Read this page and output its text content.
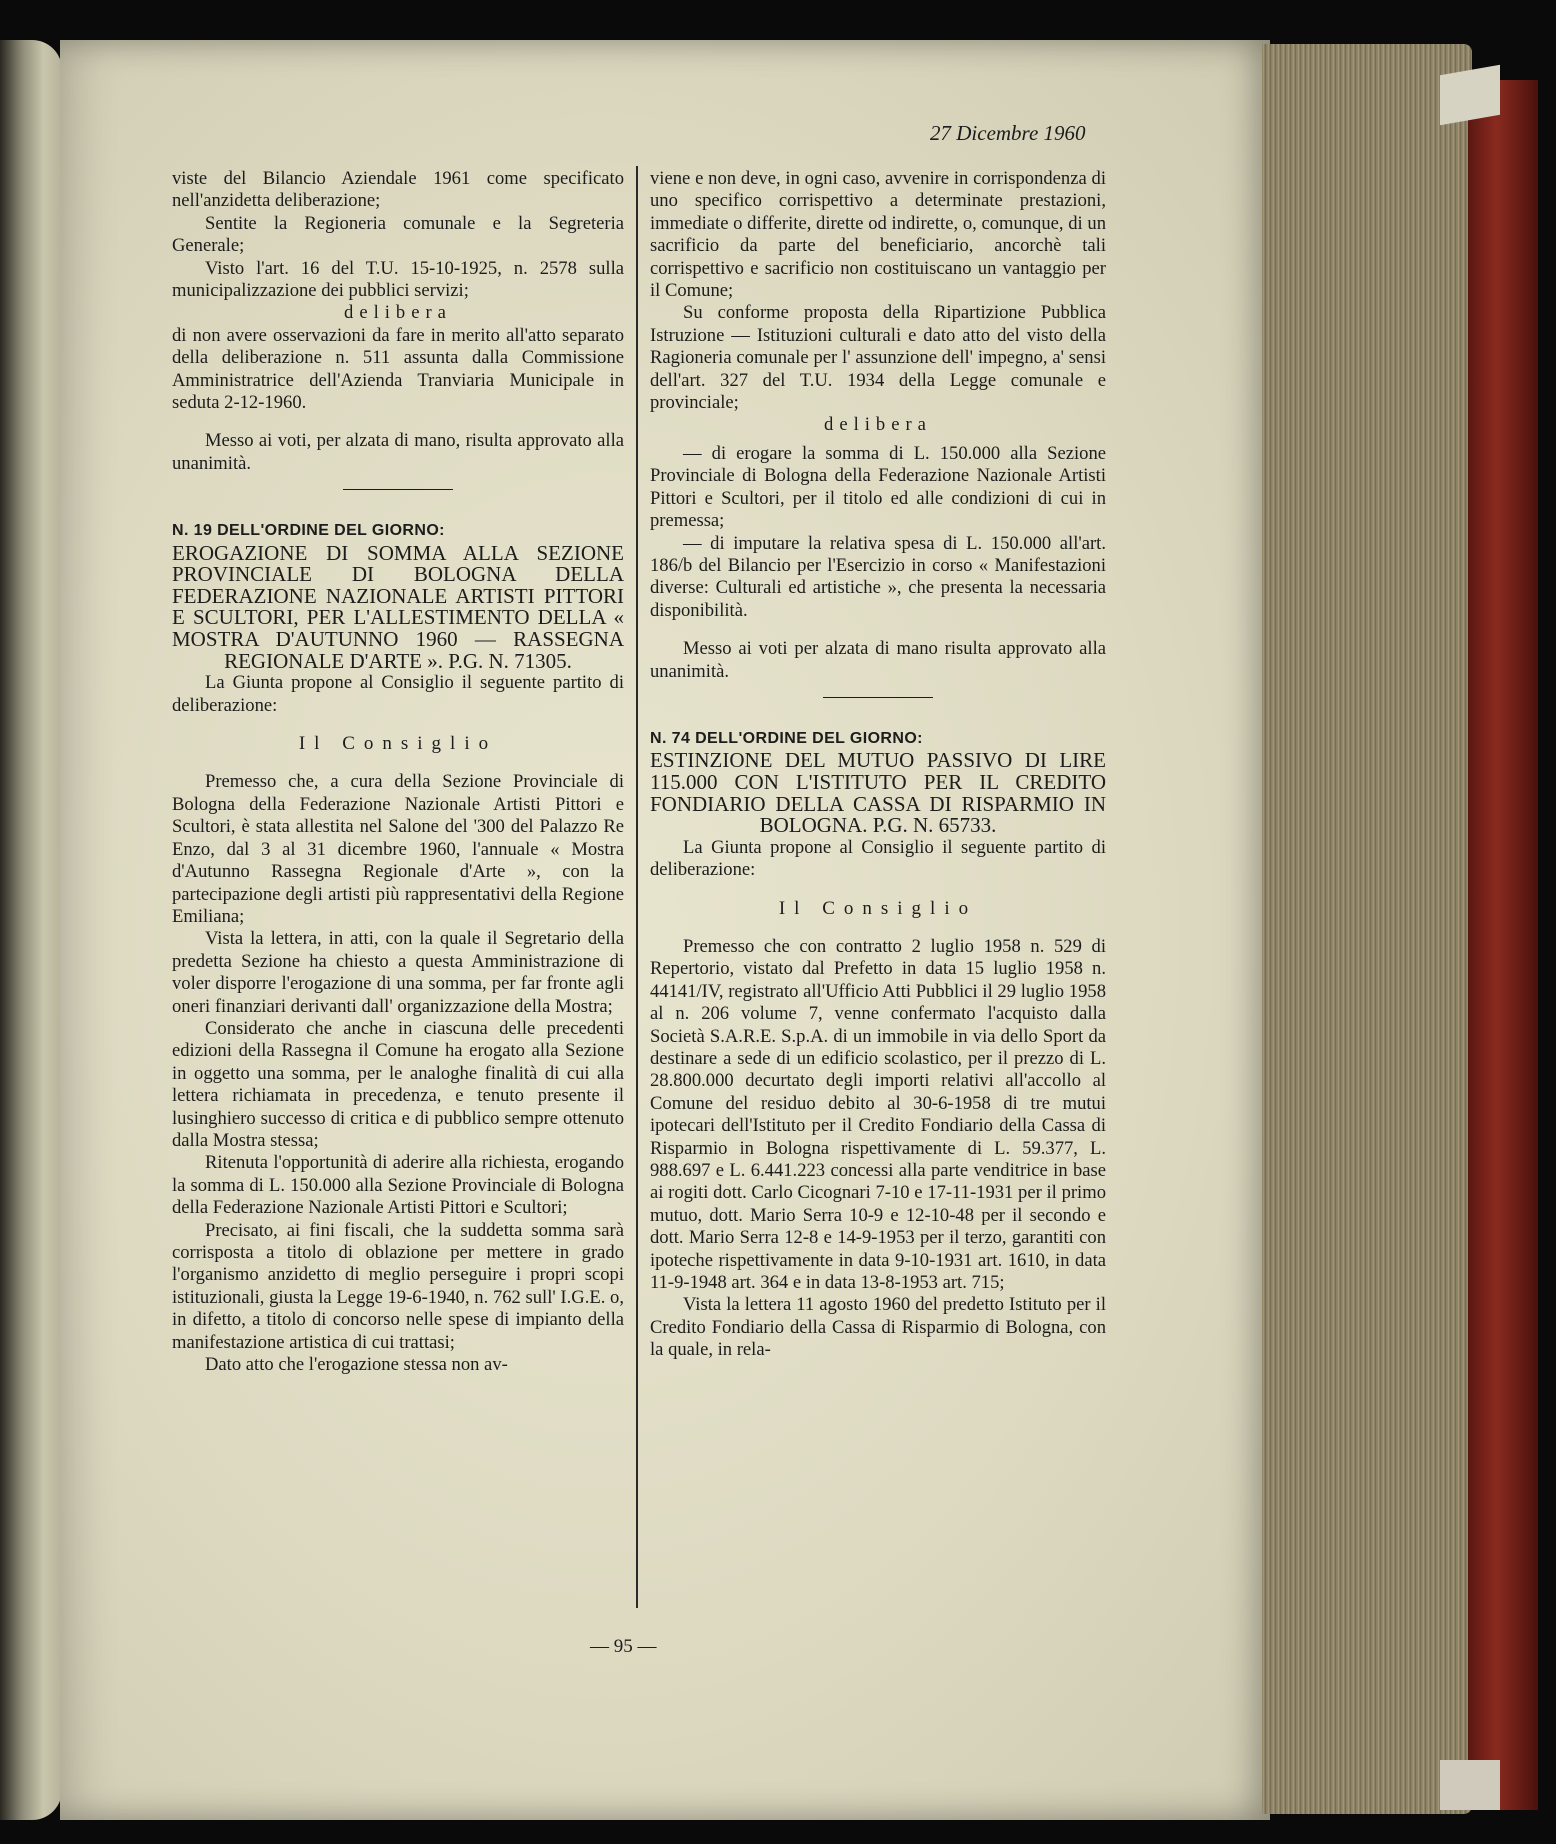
27 Dicembre 1960

viste del Bilancio Aziendale 1961 come specificato nell'anzidetta deliberazione;

Sentite la Regioneria comunale e la Segreteria Generale;

Visto l'art. 16 del T.U. 15-10-1925, n. 2578 sulla municipalizzazione dei pubblici servizi;

delibera

di non avere osservazioni da fare in merito all'atto separato della deliberazione n. 511 assunta dalla Commissione Amministratrice dell'Azienda Tranviaria Municipale in seduta 2-12-1960.

Messo ai voti, per alzata di mano, risulta approvato alla unanimità.

N. 19 DELL'ORDINE DEL GIORNO:

EROGAZIONE DI SOMMA ALLA SEZIONE PROVINCIALE DI BOLOGNA DELLA FEDERAZIONE NAZIONALE ARTISTI PITTORI E SCULTORI, PER L'ALLESTIMENTO DELLA « MOSTRA D'AUTUNNO 1960 — RASSEGNA REGIONALE D'ARTE ». P.G. N. 71305.

La Giunta propone al Consiglio il seguente partito di deliberazione:

Il Consiglio

Premesso che, a cura della Sezione Provinciale di Bologna della Federazione Nazionale Artisti Pittori e Scultori, è stata allestita nel Salone del '300 del Palazzo Re Enzo, dal 3 al 31 dicembre 1960, l'annuale « Mostra d'Autunno Rassegna Regionale d'Arte », con la partecipazione degli artisti più rappresentativi della Regione Emiliana;

Vista la lettera, in atti, con la quale il Segretario della predetta Sezione ha chiesto a questa Amministrazione di voler disporre l'erogazione di una somma, per far fronte agli oneri finanziari derivanti dall' organizzazione della Mostra;

Considerato che anche in ciascuna delle precedenti edizioni della Rassegna il Comune ha erogato alla Sezione in oggetto una somma, per le analoghe finalità di cui alla lettera richiamata in precedenza, e tenuto presente il lusinghiero successo di critica e di pubblico sempre ottenuto dalla Mostra stessa;

Ritenuta l'opportunità di aderire alla richiesta, erogando la somma di L. 150.000 alla Sezione Provinciale di Bologna della Federazione Nazionale Artisti Pittori e Scultori;

Precisato, ai fini fiscali, che la suddetta somma sarà corrisposta a titolo di oblazione per mettere in grado l'organismo anzidetto di meglio perseguire i propri scopi istituzionali, giusta la Legge 19-6-1940, n. 762 sull' I.G.E. o, in difetto, a titolo di concorso nelle spese di impianto della manifestazione artistica di cui trattasi;

Dato atto che l'erogazione stessa non av-

viene e non deve, in ogni caso, avvenire in corrispondenza di uno specifico corrispettivo a determinate prestazioni, immediate o differite, dirette od indirette, o, comunque, di un sacrificio da parte del beneficiario, ancorchè tali corrispettivo e sacrificio non costituiscano un vantaggio per il Comune;

Su conforme proposta della Ripartizione Pubblica Istruzione — Istituzioni culturali e dato atto del visto della Ragioneria comunale per l' assunzione dell' impegno, a' sensi dell'art. 327 del T.U. 1934 della Legge comunale e provinciale;

delibera

— di erogare la somma di L. 150.000 alla Sezione Provinciale di Bologna della Federazione Nazionale Artisti Pittori e Scultori, per il titolo ed alle condizioni di cui in premessa;

— di imputare la relativa spesa di L. 150.000 all'art. 186/b del Bilancio per l'Esercizio in corso « Manifestazioni diverse: Culturali ed artistiche », che presenta la necessaria disponibilità.

Messo ai voti per alzata di mano risulta approvato alla unanimità.

N. 74 DELL'ORDINE DEL GIORNO:

ESTINZIONE DEL MUTUO PASSIVO DI LIRE 115.000 CON L'ISTITUTO PER IL CREDITO FONDIARIO DELLA CASSA DI RISPARMIO IN BOLOGNA. P.G. N. 65733.

La Giunta propone al Consiglio il seguente partito di deliberazione:

Il Consiglio

Premesso che con contratto 2 luglio 1958 n. 529 di Repertorio, vistato dal Prefetto in data 15 luglio 1958 n. 44141/IV, registrato all'Ufficio Atti Pubblici il 29 luglio 1958 al n. 206 volume 7, venne confermato l'acquisto dalla Società S.A.R.E. S.p.A. di un immobile in via dello Sport da destinare a sede di un edificio scolastico, per il prezzo di L. 28.800.000 decurtato degli importi relativi all'accollo al Comune del residuo debito al 30-6-1958 di tre mutui ipotecari dell'Istituto per il Credito Fondiario della Cassa di Risparmio in Bologna rispettivamente di L. 59.377, L. 988.697 e L. 6.441.223 concessi alla parte venditrice in base ai rogiti dott. Carlo Cicognari 7-10 e 17-11-1931 per il primo mutuo, dott. Mario Serra 10-9 e 12-10-48 per il secondo e dott. Mario Serra 12-8 e 14-9-1953 per il terzo, garantiti con ipoteche rispettivamente in data 9-10-1931 art. 1610, in data 11-9-1948 art. 364 e in data 13-8-1953 art. 715;

Vista la lettera 11 agosto 1960 del predetto Istituto per il Credito Fondiario della Cassa di Risparmio di Bologna, con la quale, in rela-

— 95 —
